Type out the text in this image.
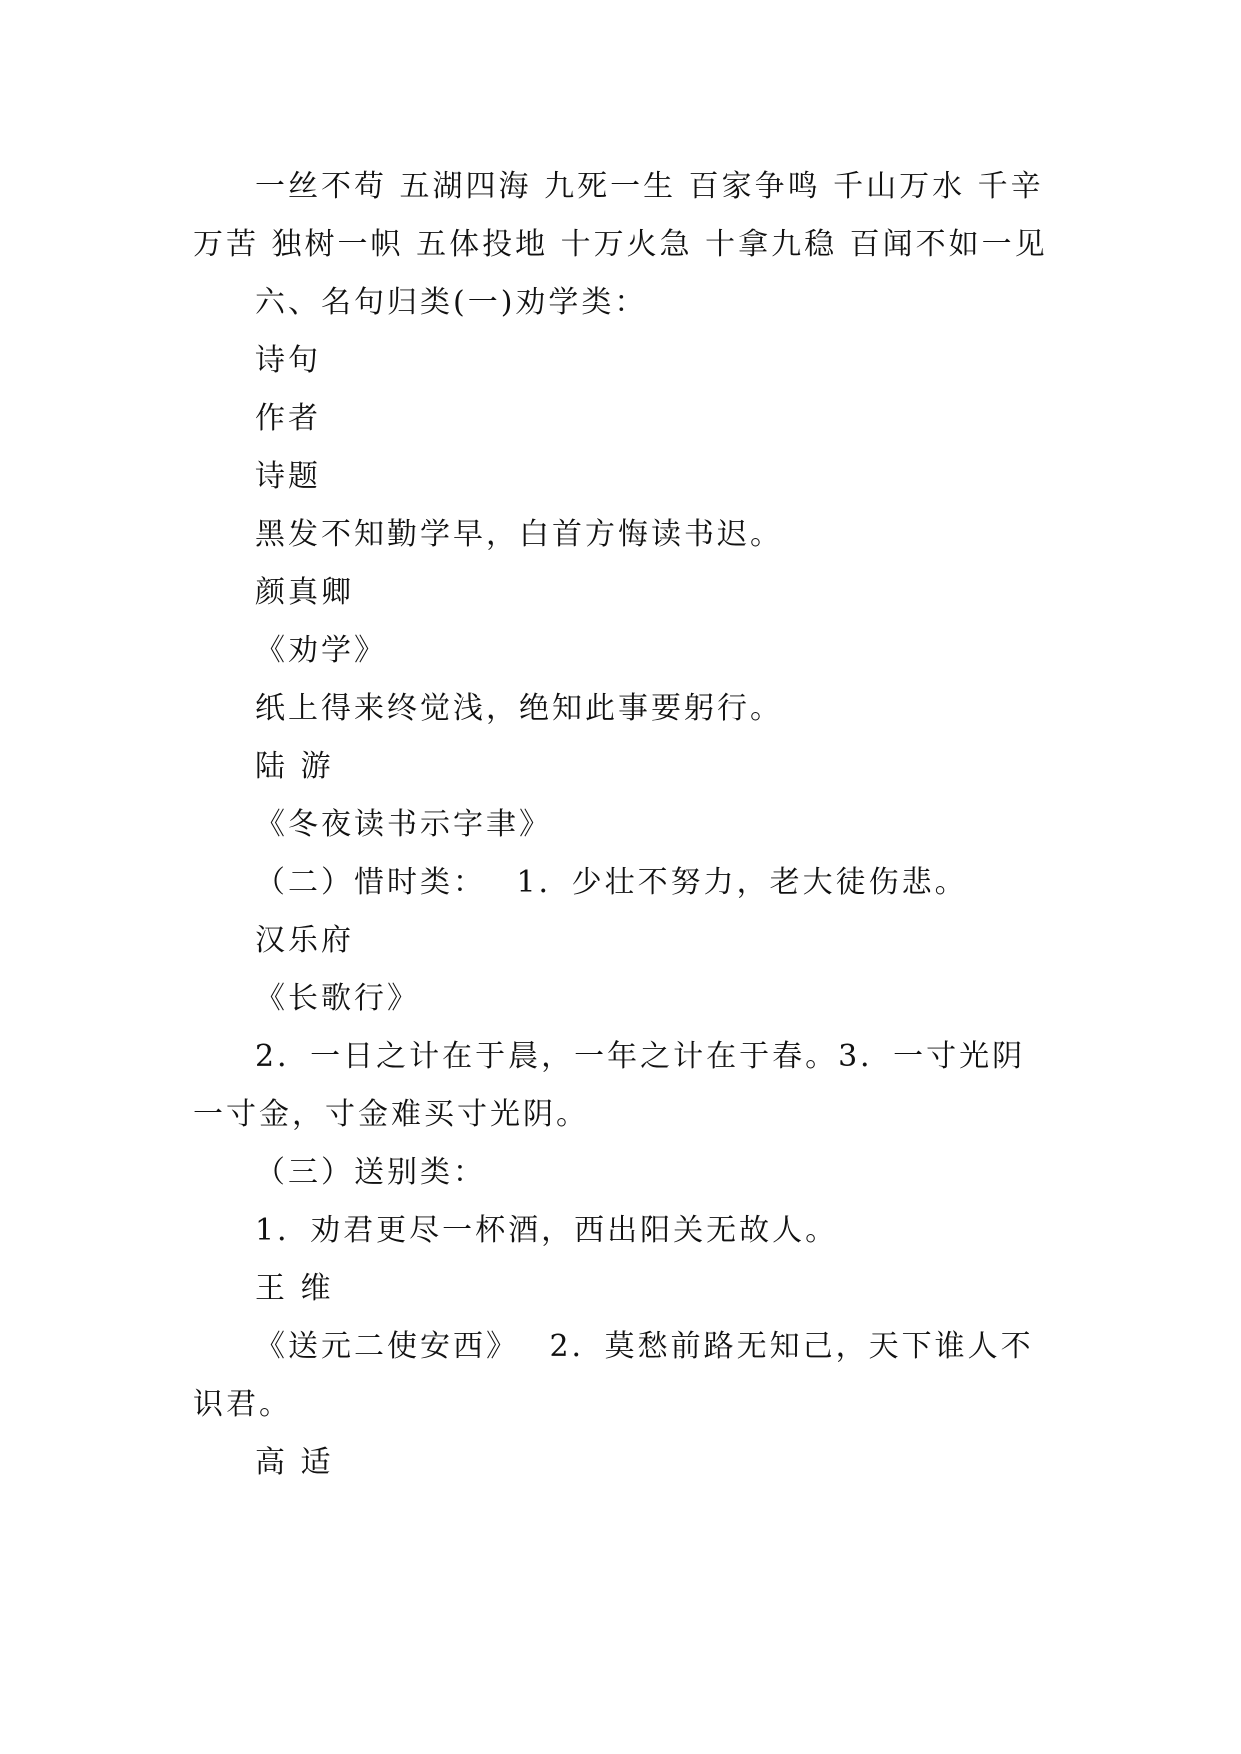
一丝不苟 五湖四海 九死一生 百家争鸣 千山万水 千辛万苦 独树一帜 五体投地 十万火急 十拿九稳 百闻不如一见

六、名句归类(一)劝学类：
诗句
作者
诗题
黑发不知勤学早，白首方悔读书迟。
颜真卿
《劝学》
纸上得来终觉浅，绝知此事要躬行。
陆 游
《冬夜读书示字聿》
（二）惜时类：　 1．少壮不努力，老大徒伤悲。
汉乐府
《长歌行》

2．一日之计在于晨，一年之计在于春。3．一寸光阴一寸金，寸金难买寸光阴。

（三）送别类：
1．劝君更尽一杯酒，西出阳关无故人。
王 维

《送元二使安西》　 2．莫愁前路无知己，天下谁人不识君。

高 适
